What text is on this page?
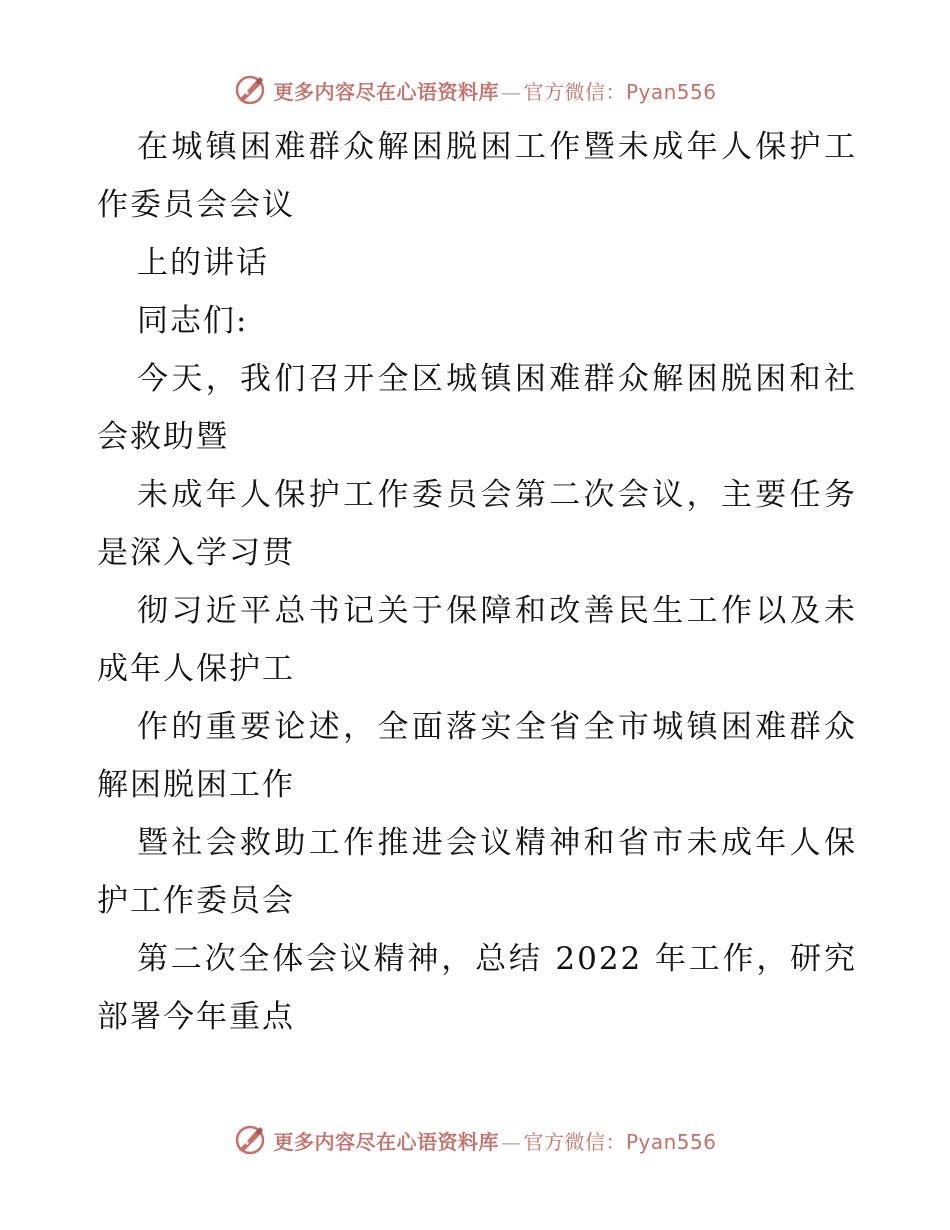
更多内容尽在心语资料库 — 官方微信：Pyan556
在城镇困难群众解困脱困工作暨未成年人保护工
作委员会会议
上的讲话
同志们:
今天，我们召开全区城镇困难群众解困脱困和社
会救助暨
未成年人保护工作委员会第二次会议，主要任务
是深入学习贯
彻习近平总书记关于保障和改善民生工作以及未
成年人保护工
作的重要论述，全面落实全省全市城镇困难群众
解困脱困工作
暨社会救助工作推进会议精神和省市未成年人保
护工作委员会
第二次全体会议精神，总结 2022 年工作，研究
部署今年重点
更多内容尽在心语资料库 — 官方微信：Pyan556
